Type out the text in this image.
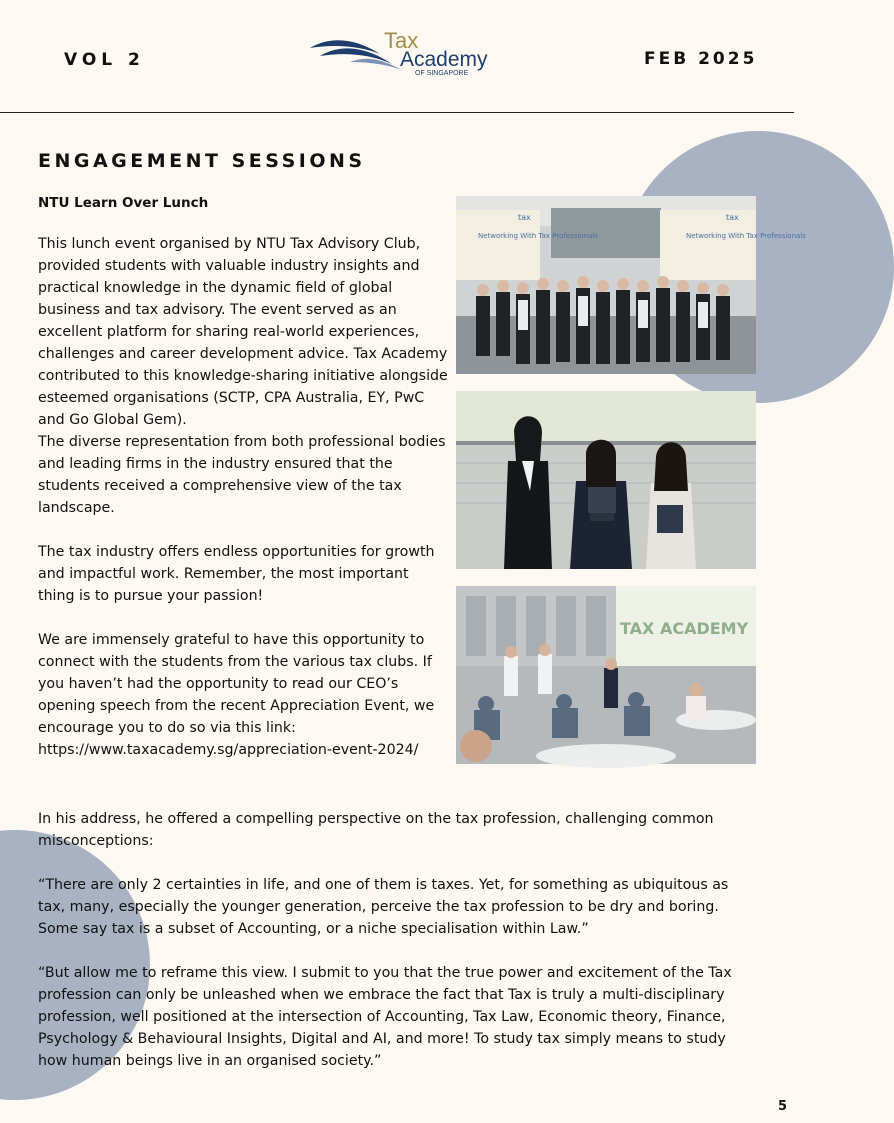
VOL 2
Tax
Academy
OF SINGAPORE
FEB 2025
ENGAGEMENT SESSIONS
NTU Learn Over Lunch

This lunch event organised by NTU Tax Advisory Club, provided students with valuable industry insights and practical knowledge in the dynamic field of global business and tax advisory. The event served as an excellent platform for sharing real-world experiences, challenges and career development advice. Tax Academy contributed to this knowledge-sharing initiative alongside esteemed organisations (SCTP, CPA Australia, EY, PwC and Go Global Gem).

The diverse representation from both professional bodies and leading firms in the industry ensured that the students received a comprehensive view of the tax landscape.

The tax industry offers endless opportunities for growth and impactful work. Remember, the most important thing is to pursue your passion!

We are immensely grateful to have this opportunity to connect with the students from the various tax clubs. If you haven’t had the opportunity to read our CEO’s opening speech from the recent Appreciation Event, we encourage you to do so via this link:

https://www.taxacademy.sg/appreciation-event-2024/

Networking With Tax Professionals	Networking With Tax Professionals
tax	tax
TAX ACADEMY

In his address, he offered a compelling perspective on the tax profession, challenging common misconceptions:

“There are only 2 certainties in life, and one of them is taxes. Yet, for something as ubiquitous as tax, many, especially the younger generation, perceive the tax profession to be dry and boring. Some say tax is a subset of Accounting, or a niche specialisation within Law.”

“But allow me to reframe this view. I submit to you that the true power and excitement of the Tax profession can only be unleashed when we embrace the fact that Tax is truly a multi-disciplinary profession, well positioned at the intersection of Accounting, Tax Law, Economic theory, Finance, Psychology & Behavioural Insights, Digital and AI, and more! To study tax simply means to study how human beings live in an organised society.”

5
